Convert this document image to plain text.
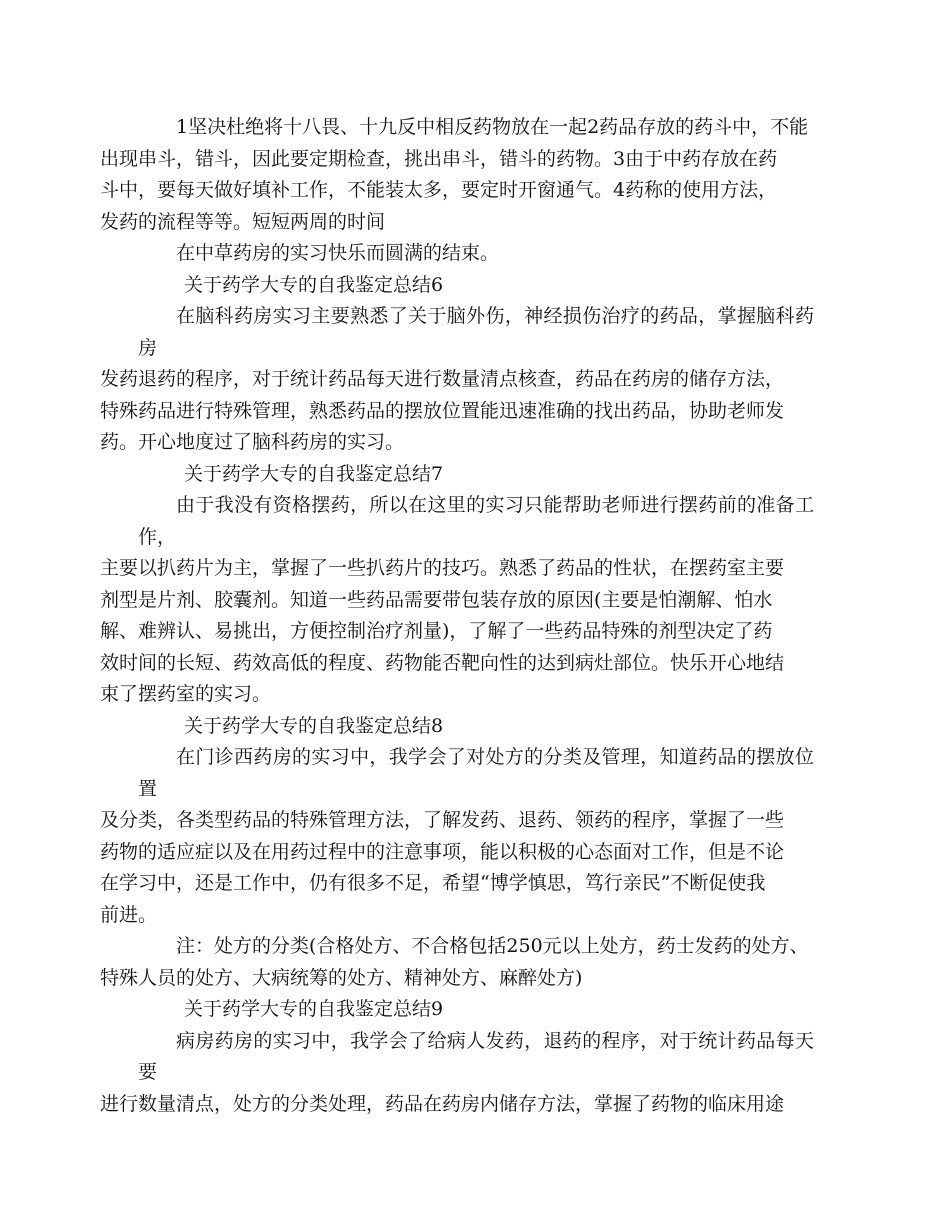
1坚决杜绝将十八畏、十九反中相反药物放在一起2药品存放的药斗中，不能
出现串斗，错斗，因此要定期检查，挑出串斗，错斗的药物。3由于中药存放在药
斗中，要每天做好填补工作，不能装太多，要定时开窗通气。4药称的使用方法，
发药的流程等等。短短两周的时间

在中草药房的实习快乐而圆满的结束。

关于药学大专的自我鉴定总结6

在脑科药房实习主要熟悉了关于脑外伤，神经损伤治疗的药品，掌握脑科药房
发药退药的程序，对于统计药品每天进行数量清点核查，药品在药房的储存方法，
特殊药品进行特殊管理，熟悉药品的摆放位置能迅速准确的找出药品，协助老师发
药。开心地度过了脑科药房的实习。

关于药学大专的自我鉴定总结7

由于我没有资格摆药，所以在这里的实习只能帮助老师进行摆药前的准备工作，
主要以扒药片为主，掌握了一些扒药片的技巧。熟悉了药品的性状，在摆药室主要
剂型是片剂、胶囊剂。知道一些药品需要带包装存放的原因(主要是怕潮解、怕水
解、难辨认、易挑出，方便控制治疗剂量)，了解了一些药品特殊的剂型决定了药
效时间的长短、药效高低的程度、药物能否靶向性的达到病灶部位。快乐开心地结
束了摆药室的实习。

关于药学大专的自我鉴定总结8

在门诊西药房的实习中，我学会了对处方的分类及管理，知道药品的摆放位置
及分类，各类型药品的特殊管理方法，了解发药、退药、领药的程序，掌握了一些
药物的适应症以及在用药过程中的注意事项，能以积极的心态面对工作，但是不论
在学习中，还是工作中，仍有很多不足，希望“博学慎思，笃行亲民”不断促使我
前进。

注：处方的分类(合格处方、不合格包括250元以上处方，药士发药的处方、
特殊人员的处方、大病统筹的处方、精神处方、麻醉处方)

关于药学大专的自我鉴定总结9

病房药房的实习中，我学会了给病人发药，退药的程序，对于统计药品每天要
进行数量清点，处方的分类处理，药品在药房内储存方法，掌握了药物的临床用途
